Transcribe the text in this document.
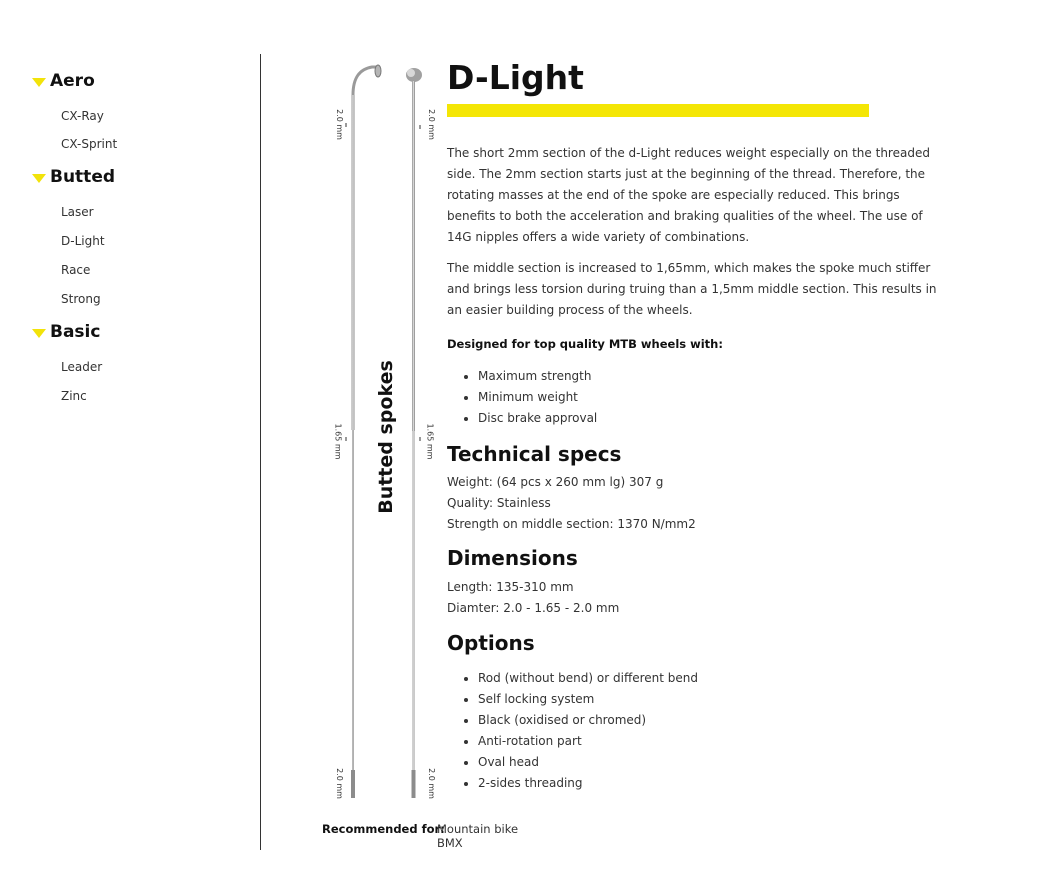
Aero
CX-Ray
CX-Sprint
Butted
Laser
D-Light
Race
Strong
Basic
Leader
Zinc
2.0 mm
1.65 mm
2.0 mm
2.0 mm
1.65 mm
2.0 mm
Butted spokes
D-Light

The short 2mm section of the d-Light reduces weight especially on the threaded side. The 2mm section starts just at the beginning of the thread. Therefore, the rotating masses at the end of the spoke are especially reduced. This brings benefits to both the acceleration and braking qualities of the wheel. The use of 14G nipples offers a wide variety of combinations.

The middle section is increased to 1,65mm, which makes the spoke much stiffer and brings less torsion during truing than a 1,5mm middle section. This results in an easier building process of the wheels.

Designed for top quality MTB wheels with:
• Maximum strength
• Minimum weight
• Disc brake approval
Technical specs
Weight: (64 pcs x 260 mm lg) 307 g
Quality: Stainless
Strength on middle section: 1370 N/mm2
Dimensions
Length: 135-310 mm
Diamter: 2.0 - 1.65 - 2.0 mm
Options
• Rod (without bend) or different bend
• Self locking system
• Black (oxidised or chromed)
• Anti-rotation part
• Oval head
• 2-sides threading
Recommended for:
Mountain bike
BMX
